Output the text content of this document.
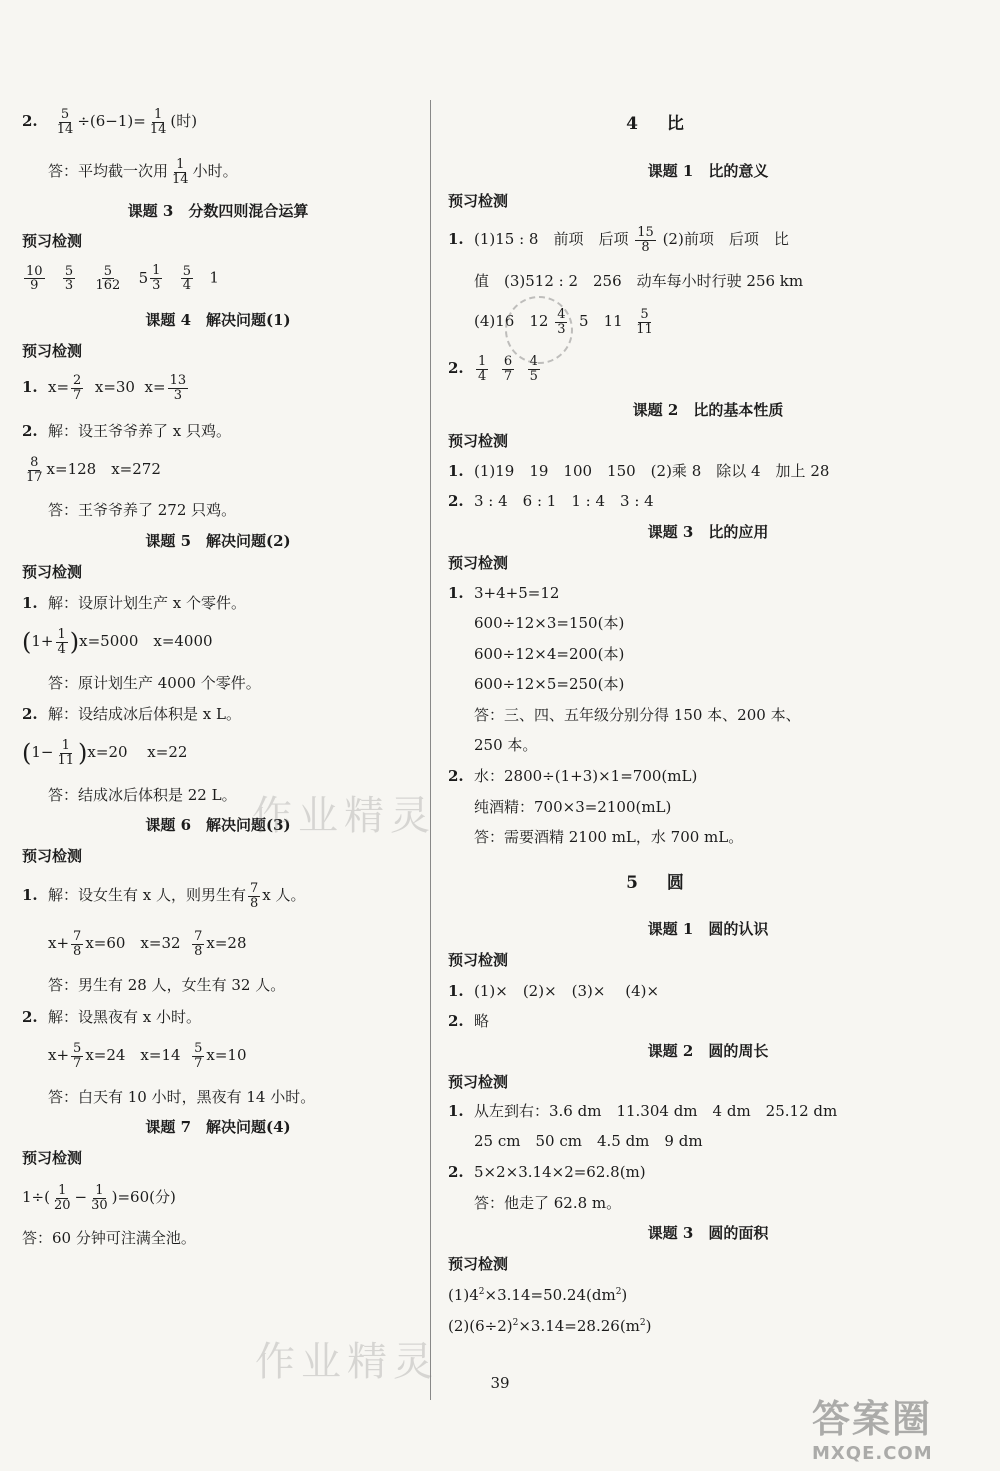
2. $\frac{5}{14} \div(6-1)= \frac{1}{14}$ (时)
答：平均截一次用 $\frac{1}{14}$ 小时。
课题 3　分数四则混合运算
预习检测
$\frac{10}{9}$
$\frac{5}{3}$
$\frac{5}{162}$
$5 \frac{1}{3}$
$\frac{5}{4} 1$
课题 4　解决问题(1)
预习检测
1. $x= \frac{2}{7} x=30$ $x= \frac{13}{3}$
2. 解：设王爷爷养了 x 只鸡。
$\frac{8}{17} x=128$　x=272
答：王爷爷养了 272 只鸡。
课题 5　解决问题(2)
预习检测
1. 解：设原计划生产 x 个零件。
$(1+ \frac{1}{4} )x=5000$　x=4000
答：原计划生产 4000 个零件。
2. 解：设结成冰后体积是 x L。
$(1- \frac{1}{11} )x=20$　 x=22
答：结成冰后体积是 22 L。
课题 6　解决问题(3)
预习检测
1. 解：设女生有 x 人，则男生有 $\frac{7}{8}$ x 人。
$x+ \frac{7}{8} x=60$　$x=32 \frac{7}{8} x=28$
答：男生有 28 人，女生有 32 人。
2. 解：设黑夜有 x 小时。
$x+ \frac{5}{7} x=24$　$x=14 \frac{5}{7} x=10$
答：白天有 10 小时，黑夜有 14 小时。
课题 7　解决问题(4)
预习检测
$1\div( \frac{1}{20} - \frac{1}{30} )=60$(分)
答：60 分钟可注满全池。
4　比
课题 1　比的意义
预习检测
1. (1)15 : 8　前项　后项 $\frac{15}{8} (2)$前项　后项　比
值　(3)512 : 2　256　动车每小时行驶 256 km
(4)16　$12 \frac{4}{3} 5$　$11 \frac{5}{11}$
2. $\frac{1}{4}$
$\frac{6}{7}$
$\frac{4}{5}$
课题 2　比的基本性质
预习检测
1. (1)19　19　100　150　(2)乘 8　除以 4　加上 28
2. 3 : 4　6 : 1　1 : 4　3 : 4
课题 3　比的应用
预习检测
1. 3+4+5=12
600÷12×3=150(本)
600÷12×4=200(本)
600÷12×5=250(本)
答：三、四、五年级分别分得 150 本、200 本、
250 本。
2. 水：2800÷(1+3)×1=700(mL)
纯酒精：700×3=2100(mL)
答：需要酒精 2100 mL，水 700 mL。
5　圆
课题 1　圆的认识
预习检测
1. (1)×　(2)×　(3)×　 (4)×
2. 略
课题 2　圆的周长
预习检测
1. 从左到右：3.6 dm　11.304 dm　4 dm　25.12 dm
25 cm　50 cm　4.5 dm　9 dm
2. 5×2×3.14×2=62.8(m)
答：他走了 62.8 m。
课题 3　圆的面积
预习检测
$(1)4^2\times 3.14=50.24(dm^2)$
$(2)(6\div 2)^2\times 3.14=28.26(m^2)$
作业精灵
作业精灵	39
答案圈
MXQE.COM
